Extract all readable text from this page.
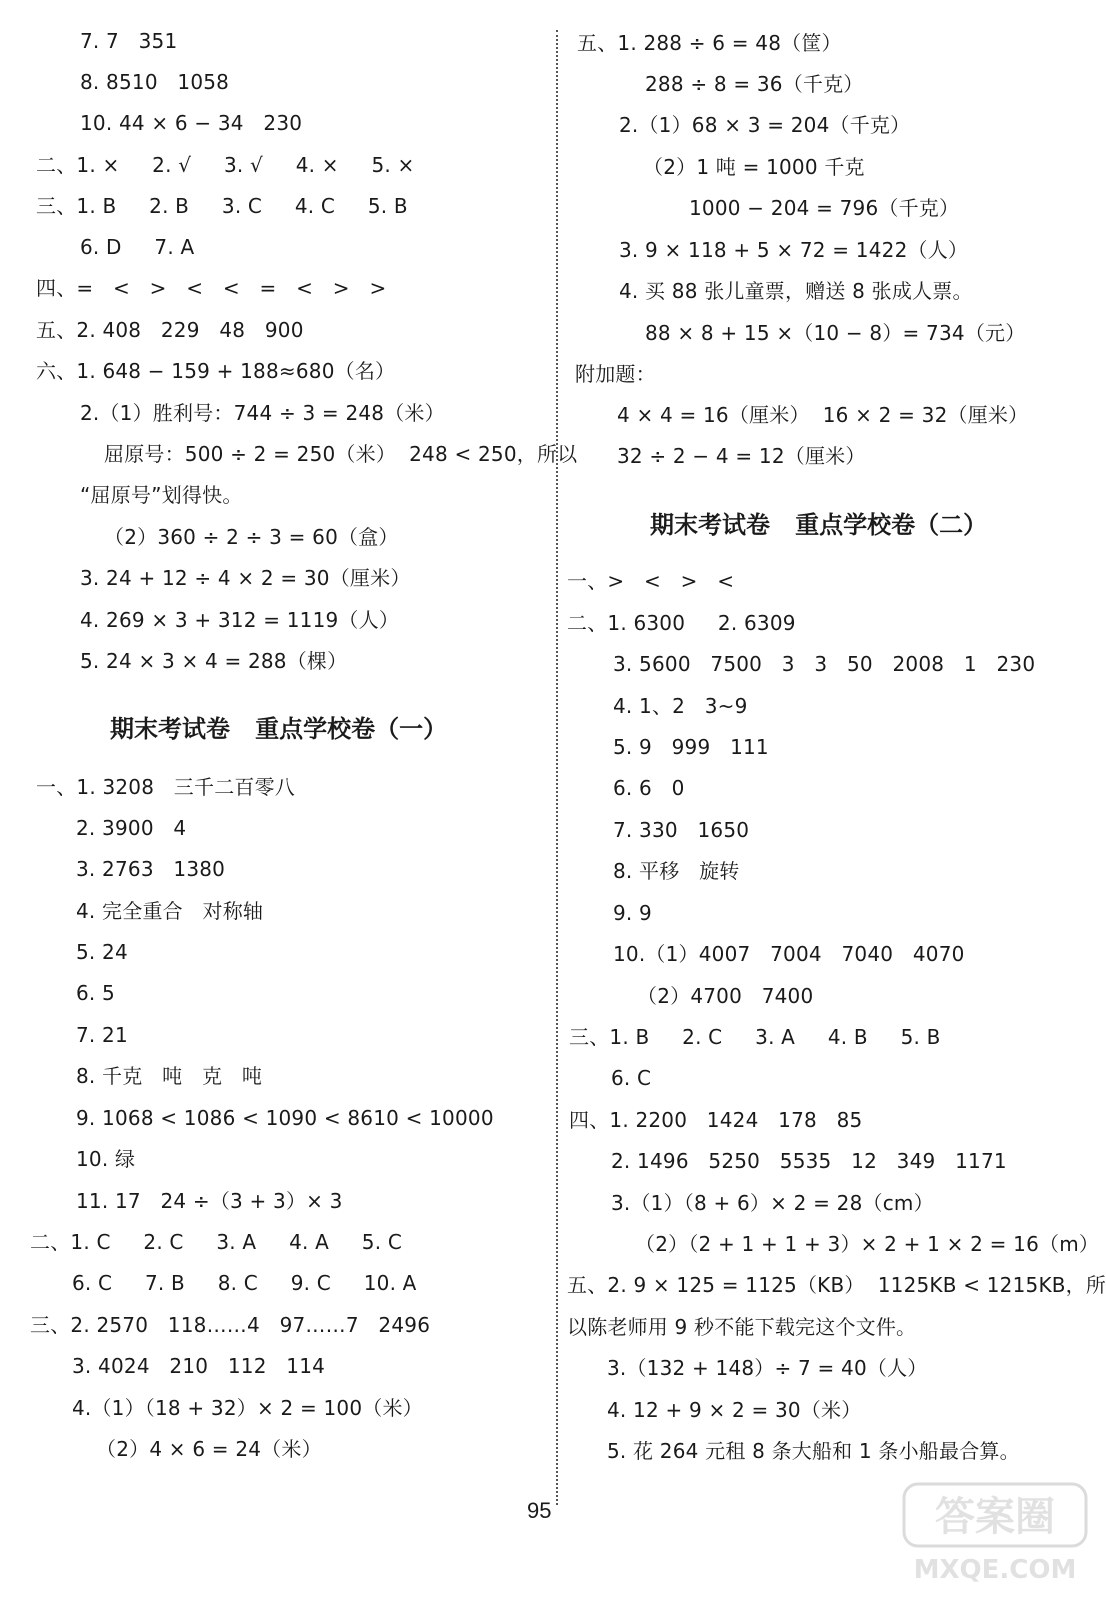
7. 7   351
8. 8510   1058
10. 44 × 6 − 34   230
二、1. ×     2. √     3. √     4. ×     5. ×
三、1. B     2. B     3. C     4. C     5. B
6. D     7. A
四、=   <   >   <   <   =   <   >   >
五、2. 408   229   48   900
六、1. 648 − 159 + 188≈680（名）
2.（1）胜利号：744 ÷ 3 = 248（米）
屈原号：500 ÷ 2 = 250（米）  248 < 250，所以
“屈原号”划得快。
（2）360 ÷ 2 ÷ 3 = 60（盒）
3. 24 + 12 ÷ 4 × 2 = 30（厘米）
4. 269 × 3 + 312 = 1119（人）
5. 24 × 3 × 4 = 288（棵）
期末考试卷   重点学校卷（一）
一、1. 3208   三千二百零八
2. 3900   4
3. 2763   1380
4. 完全重合   对称轴
5. 24
6. 5
7. 21
8. 千克   吨   克   吨
9. 1068 < 1086 < 1090 < 8610 < 10000
10. 绿
11. 17   24 ÷（3 + 3）× 3
二、1. C     2. C     3. A     4. A     5. C
6. C     7. B     8. C     9. C     10. A
三、2. 2570   118……4   97……7   2496
3. 4024   210   112   114
4.（1）（18 + 32）× 2 = 100（米）
（2）4 × 6 = 24（米）
五、1. 288 ÷ 6 = 48（筐）
288 ÷ 8 = 36（千克）
2.（1）68 × 3 = 204（千克）
（2）1 吨 = 1000 千克
1000 − 204 = 796（千克）
3. 9 × 118 + 5 × 72 = 1422（人）
4. 买 88 张儿童票，赠送 8 张成人票。
88 × 8 + 15 ×（10 − 8）= 734（元）
附加题：
4 × 4 = 16（厘米）  16 × 2 = 32（厘米）
32 ÷ 2 − 4 = 12（厘米）
期末考试卷   重点学校卷（二）
一、>   <   >   <
二、1. 6300     2. 6309
3. 5600   7500   3   3   50   2008   1   230
4. 1、2   3~9
5. 9   999   111
6. 6   0
7. 330   1650
8. 平移   旋转
9. 9
10.（1）4007   7004   7040   4070
（2）4700   7400
三、1. B     2. C     3. A     4. B     5. B
6. C
四、1. 2200   1424   178   85
2. 1496   5250   5535   12   349   1171
3.（1）（8 + 6）× 2 = 28（cm）
（2）（2 + 1 + 1 + 3）× 2 + 1 × 2 = 16（m）
五、2. 9 × 125 = 1125（KB）  1125KB < 1215KB，所
以陈老师用 9 秒不能下载完这个文件。
3.（132 + 148）÷ 7 = 40（人）
4. 12 + 9 × 2 = 30（米）
5. 花 264 元租 8 条大船和 1 条小船最合算。
95	答案圈
MXQE.COM
